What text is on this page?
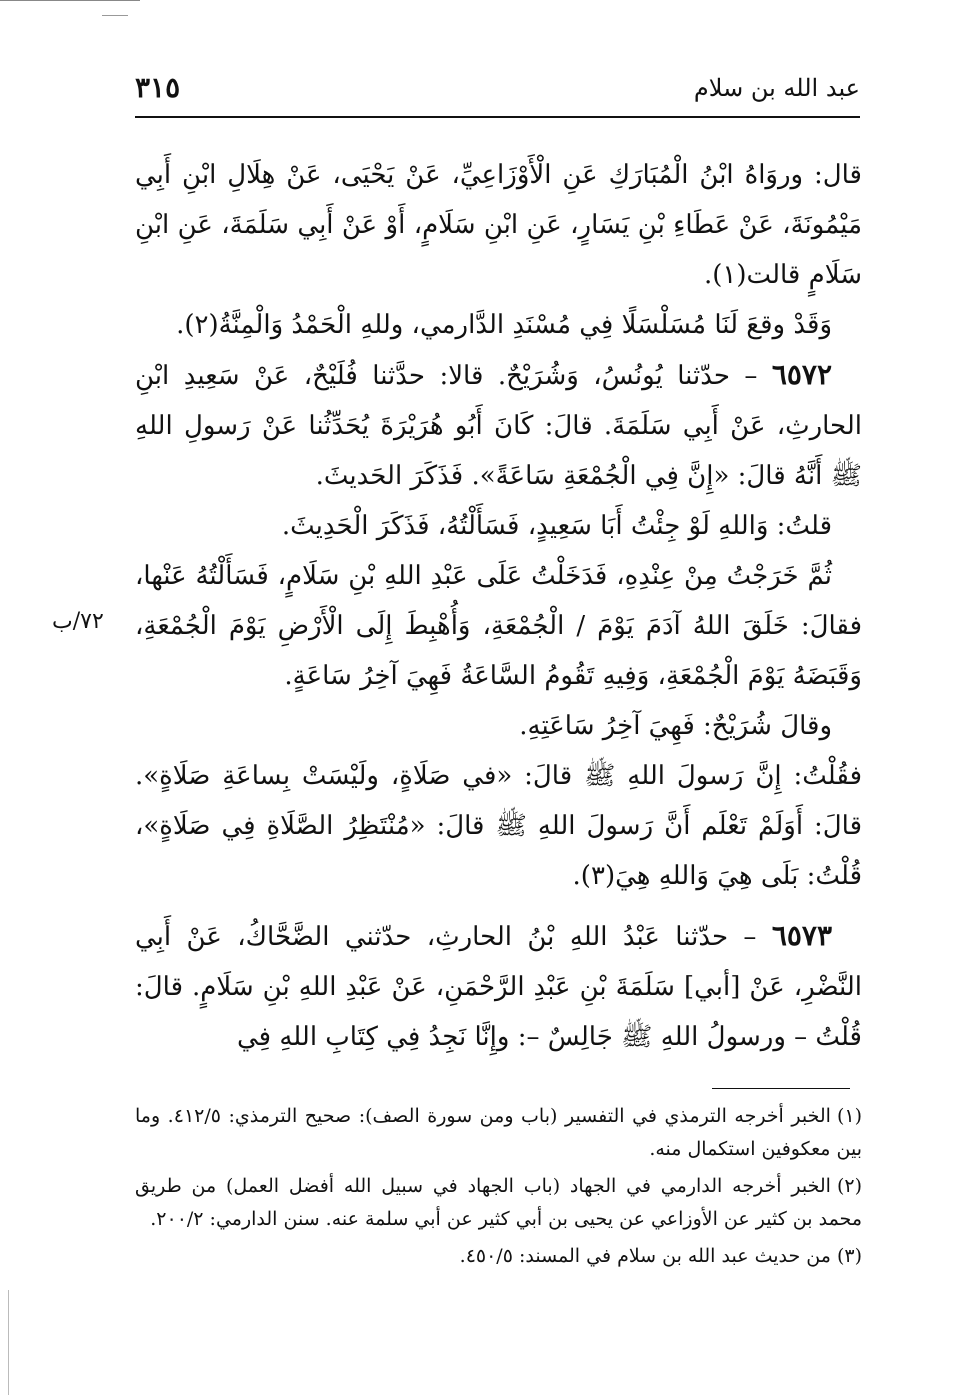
عبد الله بن سلام
٣١٥
٧٢/ب

قال: وروَاهُ ابْنُ الْمُبَارَكِ عَنِ الْأَوْزَاعِيِّ، عَنْ يَحْيَى، عَنْ هِلَالِ ابْنِ أَبِي مَيْمُونَةَ، عَنْ عَطَاءِ بْنِ يَسَارٍ، عَنِ ابْنِ سَلَامٍ، أَوْ عَنْ أَبِي سَلَمَةَ، عَنِ ابْنِ سَلَامٍ قالت(١).

وَقَدْ وقعَ لَنَا مُسَلْسَلًا فِي مُسْنَدِ الدَّارمي، وللهِ الْحَمْدُ وَالْمِنَّةُ(٢).

٦٥٧٢ – حدّثنا يُونُسُ، وَشُرَيْحٌ. قالا: حدَّثنا فُلَيْحٌ، عَنْ سَعِيدِ ابْنِ الحارثِ، عَنْ أَبِي سَلَمَةَ. قالَ: كَانَ أَبُو هُرَيْرَةَ يُحَدِّثُنا عَنْ رَسولِ اللهِ ﷺ أَنَّهُ قالَ: «إِنَّ فِي الْجُمْعَةِ سَاعَةً». فَذَكَرَ الحَديثَ.

قلتُ: وَاللهِ لَوْ جِئْتُ أَبَا سَعِيدٍ، فَسَأَلْتُهُ، فَذَكَرَ الْحَدِيثَ.

ثُمَّ خَرَجْتُ مِنْ عِنْدِهِ، فَدَخَلْتُ عَلَى عَبْدِ اللهِ بْنِ سَلَامٍ، فَسَأَلْتُهُ عَنْها، فقالَ: خَلَقَ اللهُ آدَمَ يَوْمَ / الْجُمْعَةِ، وَأُهْبِطَ إِلَى الْأَرْضِ يَوْمَ الْجُمْعَةِ، وَقَبَضَهُ يَوْمَ الْجُمْعَةِ، وَفِيهِ تَقُومُ السَّاعَةُ فَهِيَ آخِرُ سَاعَةٍ.

وقالَ شُرَيْحٌ: فَهِيَ آخِرُ سَاعَتِهِ.

فقُلْتُ: إِنَّ رَسولَ اللهِ ﷺ قالَ: «في صَلَاةٍ، ولَيْسَتْ بِساعَةِ صَلَاةٍ». قالَ: أَوَلَمْ تَعْلَم أَنَّ رَسولَ اللهِ ﷺ قالَ: «مُنْتَظِرُ الصَّلَاةِ فِي صَلَاةٍ»، قُلْتُ: بَلَى هِيَ وَاللهِ هِيَ(٣).

٦٥٧٣ – حدّثنا عَبْدُ اللهِ بْنُ الحارثِ، حدّثني الضَّحَّاكُ، عَنْ أَبِي النَّضْرِ، عَنْ [أبي] سَلَمَةَ بْنِ عَبْدِ الرَّحْمَنِ، عَنْ عَبْدِ اللهِ بْنِ سَلَامٍ. قالَ: قُلْتُ – ورسولُ اللهِ ﷺ جَالِسٌ –: وإِنَّا نَجِدُ فِي كِتَابِ اللهِ فِي

(١)الخبر أخرجه الترمذي في التفسير (باب ومن سورة الصف): صحيح الترمذي: ٤١٢/٥. وما بين معكوفين استكمال منه.

(٢)الخبر أخرجه الدارمي في الجهاد (باب الجهاد في سبيل الله أفضل العمل) من طريق محمد بن كثير عن الأوزاعي عن يحيى بن أبي كثير عن أبي سلمة عنه. سنن الدارمي: ٢٠٠/٢.

(٣)من حديث عبد الله بن سلام في المسند: ٤٥٠/٥.
